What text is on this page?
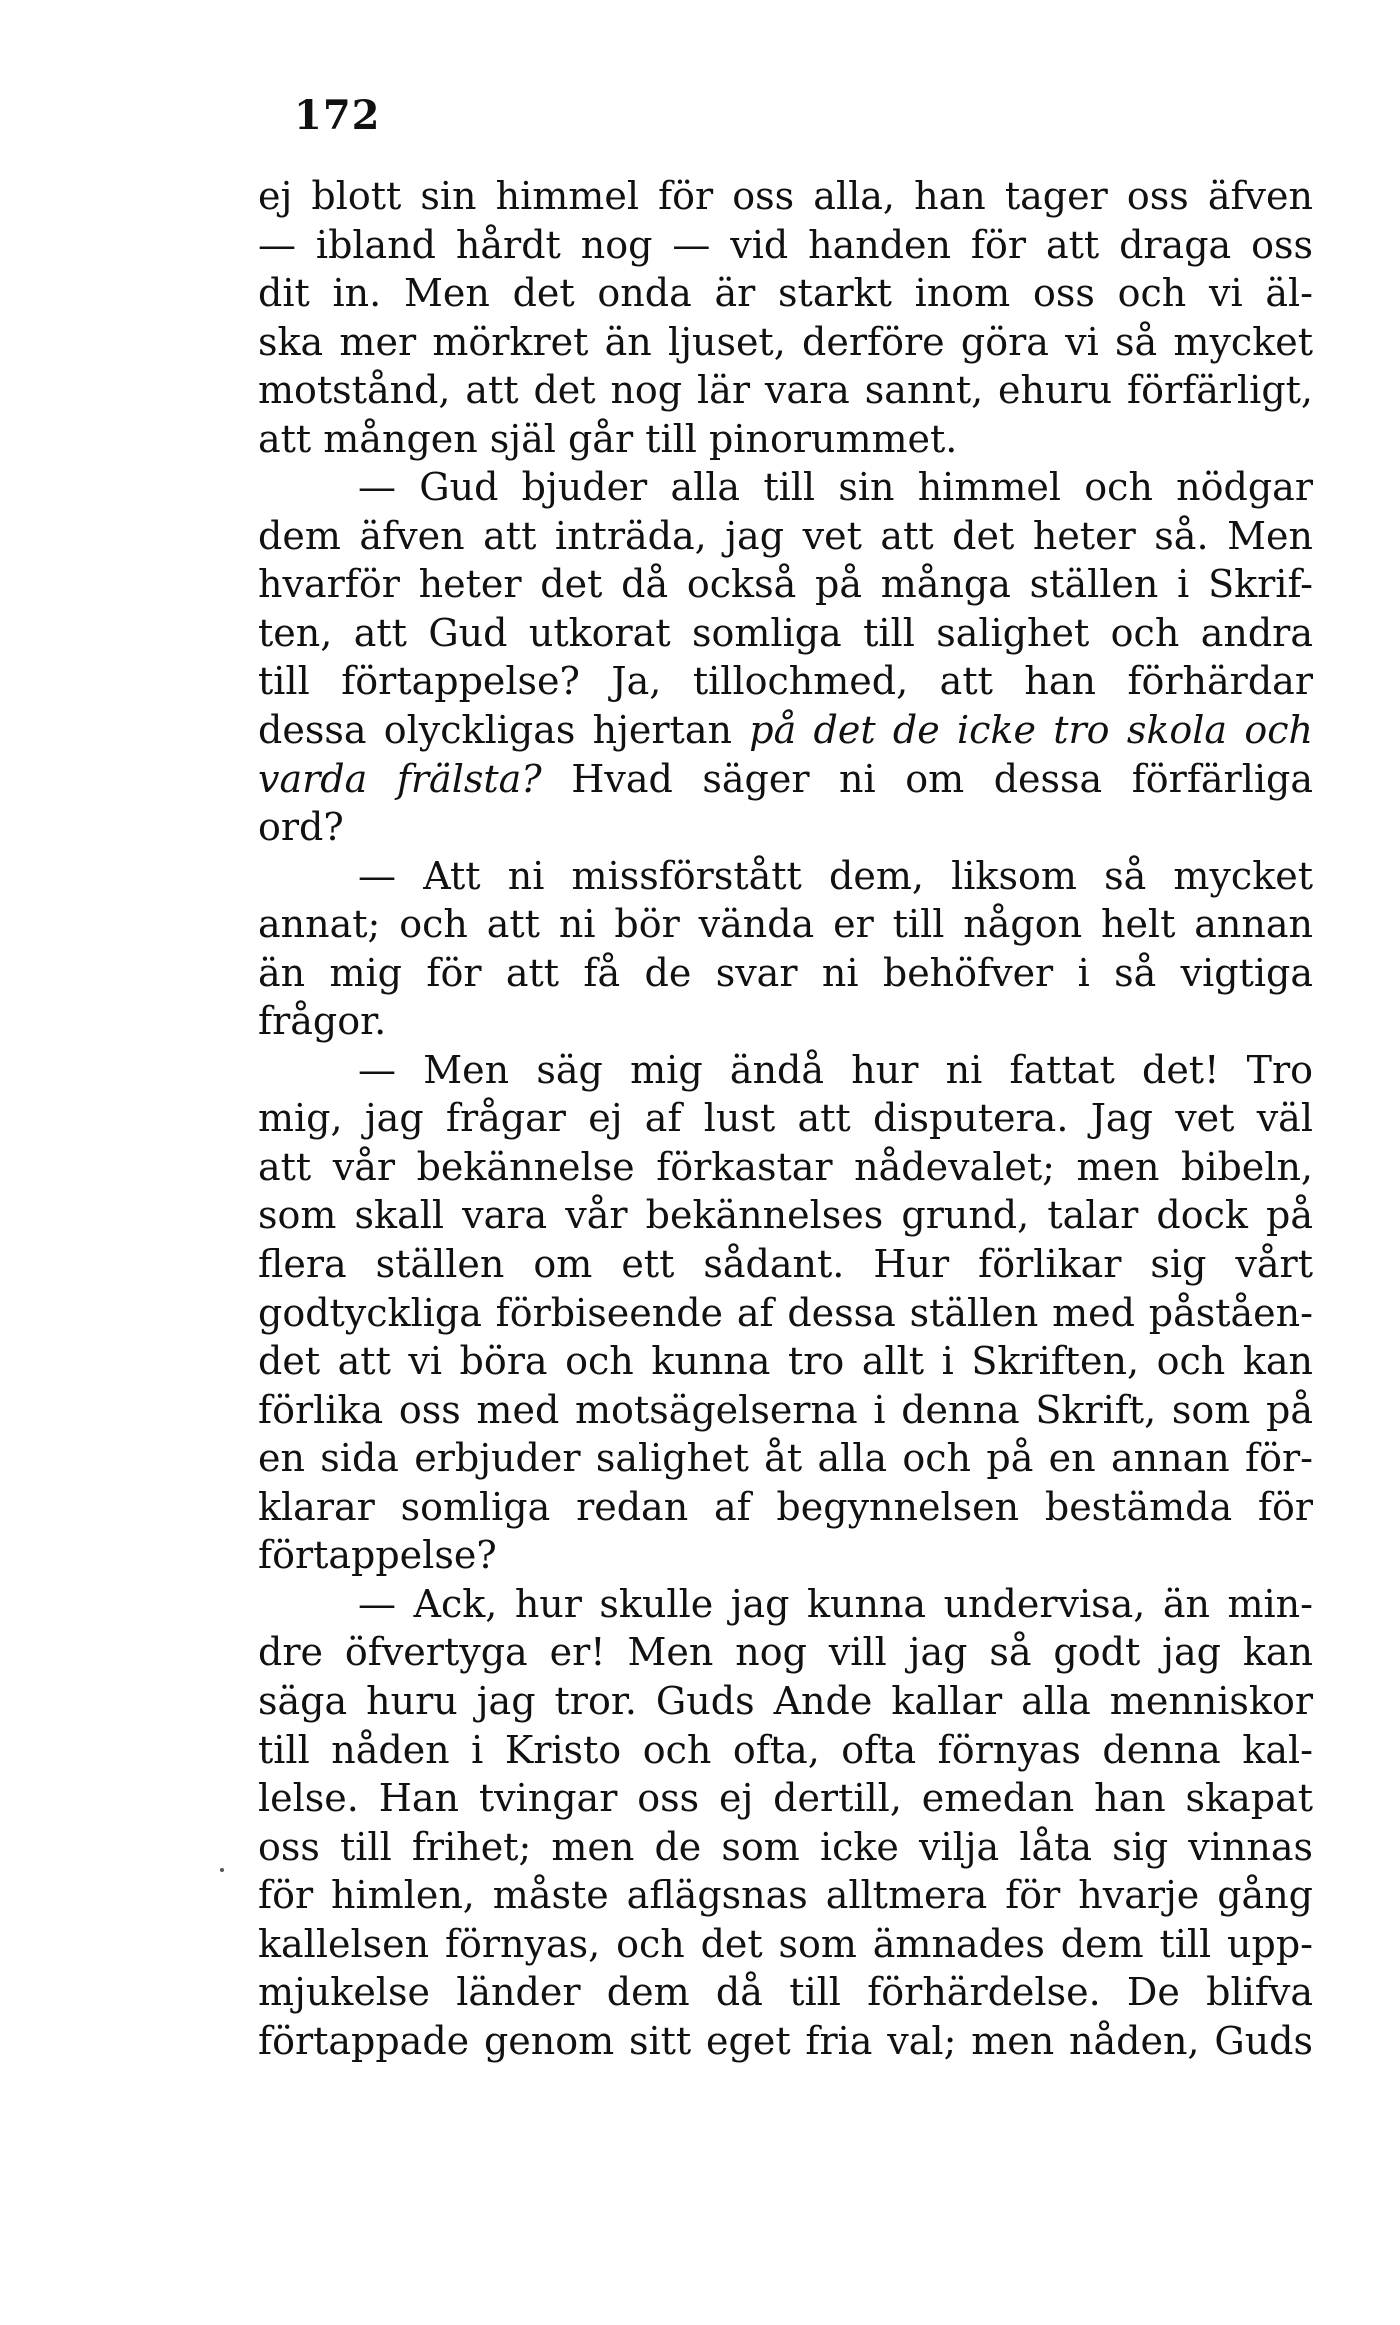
172
ej blott sin himmel för oss alla, han tager oss äfven
— ibland hårdt nog — vid handen för att draga oss
dit in. Men det onda är starkt inom oss och vi äl-
ska mer mörkret än ljuset, derföre göra vi så mycket
motstånd, att det nog lär vara sannt, ehuru förfärligt,
att mången själ går till pinorummet.
— Gud bjuder alla till sin himmel och nödgar
dem äfven att inträda, jag vet att det heter så. Men
hvarför heter det då också på många ställen i Skrif-
ten, att Gud utkorat somliga till salighet och andra
till förtappelse? Ja, tillochmed, att han förhärdar
dessa olyckligas hjertan på det de icke tro skola och
varda frälsta? Hvad säger ni om dessa förfärliga
ord?
— Att ni missförstått dem, liksom så mycket
annat; och att ni bör vända er till någon helt annan
än mig för att få de svar ni behöfver i så vigtiga
frågor.
— Men säg mig ändå hur ni fattat det! Tro
mig, jag frågar ej af lust att disputera. Jag vet väl
att vår bekännelse förkastar nådevalet; men bibeln,
som skall vara vår bekännelses grund, talar dock på
flera ställen om ett sådant. Hur förlikar sig vårt
godtyckliga förbiseende af dessa ställen med påståen-
det att vi böra och kunna tro allt i Skriften, och kan
förlika oss med motsägelserna i denna Skrift, som på
en sida erbjuder salighet åt alla och på en annan för-
klarar somliga redan af begynnelsen bestämda för
förtappelse?
— Ack, hur skulle jag kunna undervisa, än min-
dre öfvertyga er! Men nog vill jag så godt jag kan
säga huru jag tror. Guds Ande kallar alla menniskor
till nåden i Kristo och ofta, ofta förnyas denna kal-
lelse. Han tvingar oss ej dertill, emedan han skapat
oss till frihet; men de som icke vilja låta sig vinnas
för himlen, måste aflägsnas alltmera för hvarje gång
kallelsen förnyas, och det som ämnades dem till upp-
mjukelse länder dem då till förhärdelse. De blifva
förtappade genom sitt eget fria val; men nåden, Guds
